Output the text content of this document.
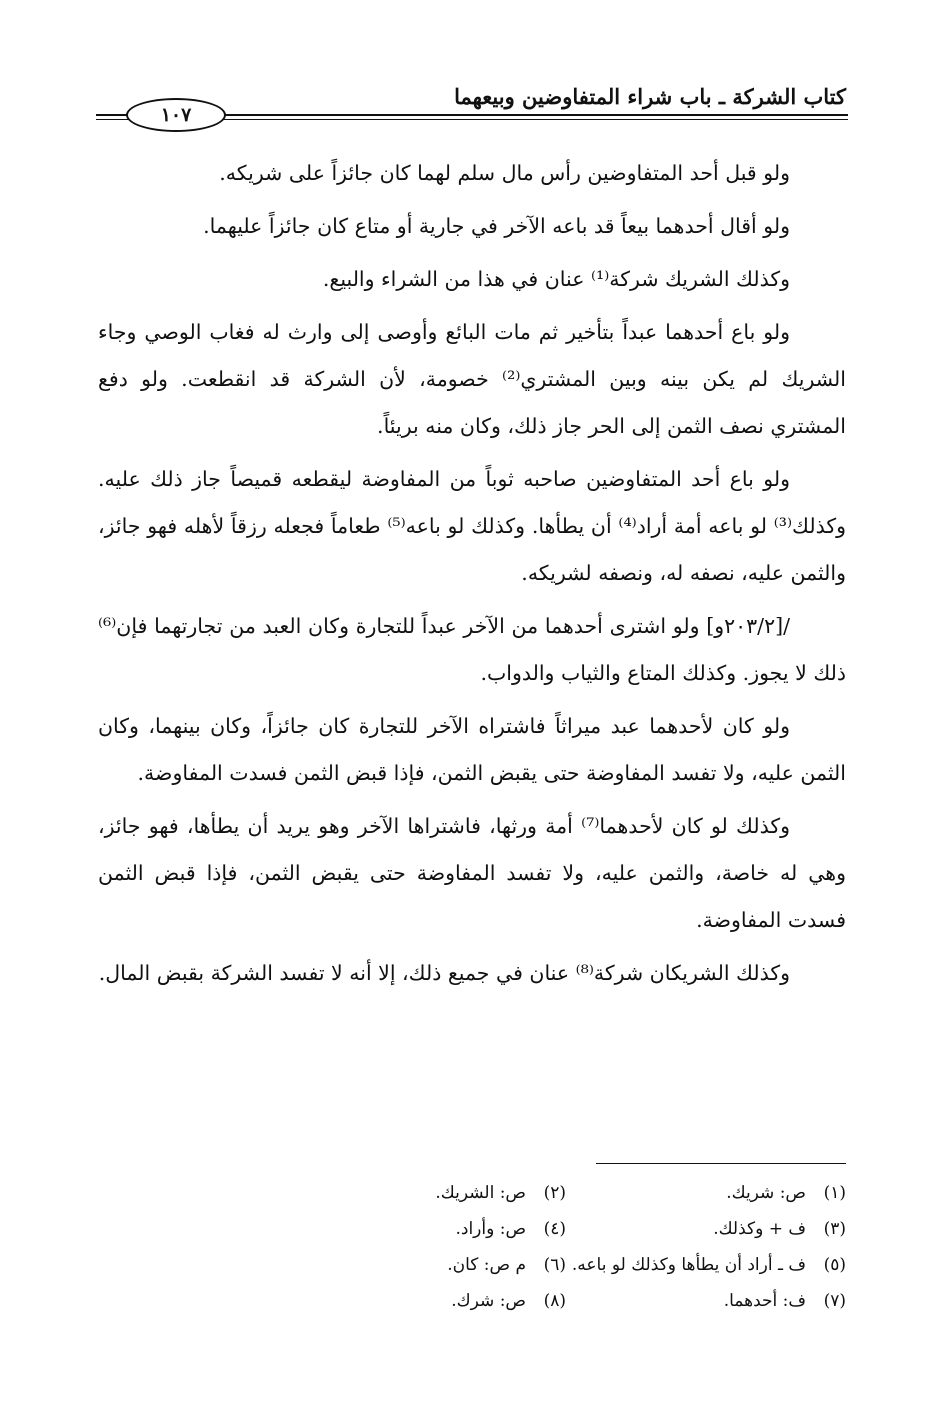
كتاب الشركة ـ باب شراء المتفاوضين وبيعهما
١٠٧

ولو قبل أحد المتفاوضين رأس مال سلم لهما كان جائزاً على شريكه.

ولو أقال أحدهما بيعاً قد باعه الآخر في جارية أو متاع كان جائزاً عليهما.

وكذلك الشريك شركة⁽¹⁾ عنان في هذا من الشراء والبيع.

ولو باع أحدهما عبداً بتأخير ثم مات البائع وأوصى إلى وارث له فغاب الوصي وجاء الشريك لم يكن بينه وبين المشتري⁽²⁾ خصومة، لأن الشركة قد انقطعت. ولو دفع المشتري نصف الثمن إلى الحر جاز ذلك، وكان منه بريئاً.

ولو باع أحد المتفاوضين صاحبه ثوباً من المفاوضة ليقطعه قميصاً جاز ذلك عليه. وكذلك⁽³⁾ لو باعه أمة أراد⁽⁴⁾ أن يطأها. وكذلك لو باعه⁽⁵⁾ طعاماً فجعله رزقاً لأهله فهو جائز، والثمن عليه، نصفه له، ونصفه لشريكه.

/[٢٠٣/٢و] ولو اشترى أحدهما من الآخر عبداً للتجارة وكان العبد من تجارتهما فإن⁽⁶⁾ ذلك لا يجوز. وكذلك المتاع والثياب والدواب.

ولو كان لأحدهما عبد ميراثاً فاشتراه الآخر للتجارة كان جائزاً، وكان بينهما، وكان الثمن عليه، ولا تفسد المفاوضة حتى يقبض الثمن، فإذا قبض الثمن فسدت المفاوضة.

وكذلك لو كان لأحدهما⁽⁷⁾ أمة ورثها، فاشتراها الآخر وهو يريد أن يطأها، فهو جائز، وهي له خاصة، والثمن عليه، ولا تفسد المفاوضة حتى يقبض الثمن، فإذا قبض الثمن فسدت المفاوضة.

وكذلك الشريكان شركة⁽⁸⁾ عنان في جميع ذلك، إلا أنه لا تفسد الشركة بقبض المال.

(١)ص: شريك.
(٢)ص: الشريك.
(٣)ف + وكذلك.
(٤)ص: وأراد.
(٥)ف ـ أراد أن يطأها وكذلك لو باعه.
(٦)م ص: كان.
(٧)ف: أحدهما.
(٨)ص: شرك.
